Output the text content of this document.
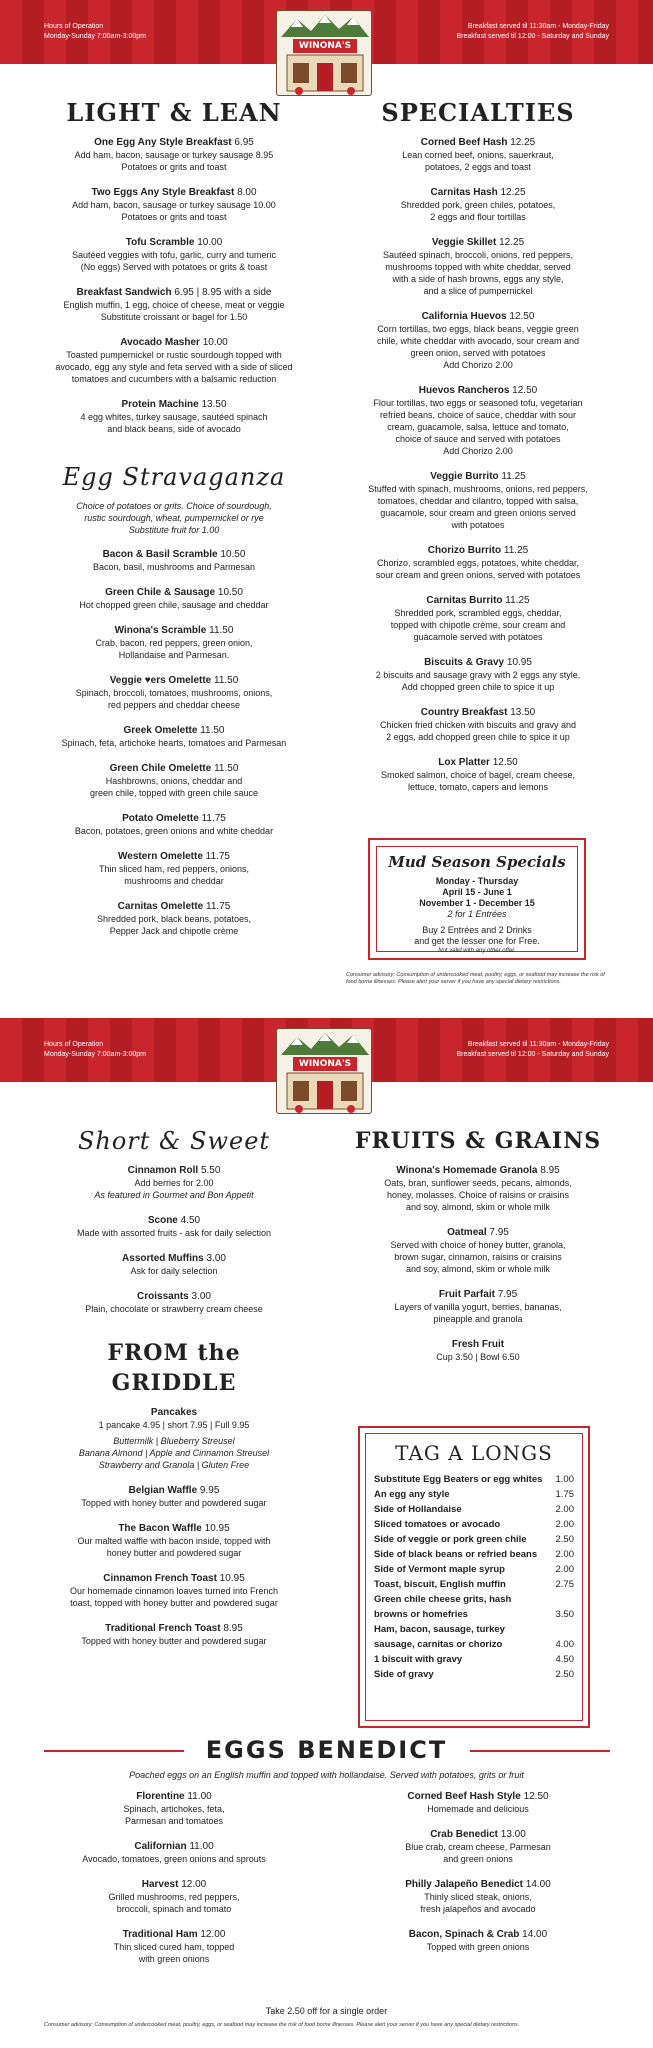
Hours of Operation
Monday-Sunday 7:00am-3:00pm
Breakfast served til 11:30am - Monday-Friday
Breakfast served til 12:00 - Saturday and Sunday
WINONA'S
LIGHT & LEAN
One Egg Any Style Breakfast 6.95
Add ham, bacon, sausage or turkey sausage 8.95
Potatoes or grits and toast
Two Eggs Any Style Breakfast 8.00
Add ham, bacon, sausage or turkey sausage 10.00
Potatoes or grits and toast
Tofu Scramble 10.00
Sautéed veggies with tofu, garlic, curry and tumeric
(No eggs) Served with potatoes or grits & toast
Breakfast Sandwich 6.95 | 8.95 with a side
English muffin, 1 egg, choice of cheese, meat or veggie
Substitute croissant or bagel for 1.50
Avocado Masher 10.00
Toasted pumpernickel or rustic sourdough topped with
avocado, egg any style and feta served with a side of sliced
tomatoes and cucumbers with a balsamic reduction
Protein Machine 13.50
4 egg whites, turkey sausage, sautéed spinach
and black beans, side of avocado
Egg Stravaganza
Choice of potatoes or grits. Choice of sourdough,
rustic sourdough, wheat, pumpernickel or rye
Substitute fruit for 1.00
Bacon & Basil Scramble 10.50
Bacon, basil, mushrooms and Parmesan
Green Chile & Sausage 10.50
Hot chopped green chile, sausage and cheddar
Winona's Scramble 11.50
Crab, bacon, red peppers, green onion,
Hollandaise and Parmesan.
Veggie ♥ers Omelette 11.50
Spinach, broccoli, tomatoes, mushrooms, onions,
red peppers and cheddar cheese
Greek Omelette 11.50
Spinach, feta, artichoke hearts, tomatoes and Parmesan
Green Chile Omelette 11.50
Hashbrowns, onions, cheddar and
green chile, topped with green chile sauce
Potato Omelette 11.75
Bacon, potatoes, green onions and white cheddar
Western Omelette 11.75
Thin sliced ham, red peppers, onions,
mushrooms and cheddar
Carnitas Omelette 11.75
Shredded pork, black beans, potatoes,
Pepper Jack and chipotle crème
SPECIALTIES
Corned Beef Hash 12.25
Lean corned beef, onions, sauerkraut,
potatoes, 2 eggs and toast
Carnitas Hash 12.25
Shredded pork, green chiles, potatoes,
2 eggs and flour tortillas
Veggie Skillet 12.25
Sautéed spinach, broccoli, onions, red peppers,
mushrooms topped with white cheddar, served
with a side of hash browns, eggs any style,
and a slice of pumpernickel
California Huevos 12.50
Corn tortillas, two eggs, black beans, veggie green
chile, white cheddar with avocado, sour cream and
green onion, served with potatoes
Add Chorizo 2.00
Huevos Rancheros 12.50
Flour tortillas, two eggs or seasoned tofu, vegetarian
refried beans, choice of sauce, cheddar with sour
cream, guacamole, salsa, lettuce and tomato,
choice of sauce and served with potatoes
Add Chorizo 2.00
Veggie Burrito 11.25
Stuffed with spinach, mushrooms, onions, red peppers,
tomatoes, cheddar and cilantro, topped with salsa,
guacamole, sour cream and green onions served
with potatoes
Chorizo Burrito 11.25
Chorizo, scrambled eggs, potatoes, white cheddar,
sour cream and green onions, served with potatoes
Carnitas Burrito 11.25
Shredded pork, scrambled eggs, cheddar,
topped with chipotle crème, sour cream and
guacamole served with potatoes
Biscuits & Gravy 10.95
2 biscuits and sausage gravy with 2 eggs any style.
Add chopped green chile to spice it up
Country Breakfast 13.50
Chicken fried chicken with biscuits and gravy and
2 eggs, add chopped green chile to spice it up
Lox Platter 12.50
Smoked salmon, choice of bagel, cream cheese,
lettuce, tomato, capers and lemons
Mud Season Specials
Monday - Thursday
April 15 - June 1
November 1 - December 15
2 for 1 Entrées
Buy 2 Entrées and 2 Drinks
and get the lesser one for Free.
Not valid with any other offer.
Consumer advisory: Consumption of undercooked meat, poultry, eggs, or seafood may increase the risk of food borne illnesses. Please alert your server if you have any special dietary restrictions.
Hours of Operation
Monday-Sunday 7:00am-3:00pm
Breakfast served til 11:30am - Monday-Friday
Breakfast served til 12:00 - Saturday and Sunday
WINONA'S
Short & Sweet
Cinnamon Roll 5.50
Add berries for 2.00
As featured in Gourmet and Bon Appetit
Scone 4.50
Made with assorted fruits - ask for daily selection
Assorted Muffins 3.00
Ask for daily selection
Croissants 3.00
Plain, chocolate or strawberry cream cheese
FROM the GRIDDLE
Pancakes
1 pancake 4.95 | short 7.95 | Full 9.95
Buttermilk | Blueberry Streusel
Banana Almond | Apple and Cinnamon Streusel
Strawberry and Granola | Gluten Free
Belgian Waffle 9.95
Topped with honey butter and powdered sugar
The Bacon Waffle 10.95
Our malted waffle with bacon inside, topped with
honey butter and powdered sugar
Cinnamon French Toast 10.95
Our homemade cinnamon loaves turned into French
toast, topped with honey butter and powdered sugar
Traditional French Toast 8.95
Topped with honey butter and powdered sugar
FRUITS & GRAINS
Winona's Homemade Granola 8.95
Oats, bran, sunflower seeds, pecans, almonds,
honey, molasses. Choice of raisins or craisins
and soy, almond, skim or whole milk
Oatmeal 7.95
Served with choice of honey butter, granola,
brown sugar, cinnamon, raisins or craisins
and soy, almond, skim or whole milk
Fruit Parfait 7.95
Layers of vanilla yogurt, berries, bananas,
pineapple and granola
Fresh Fruit
Cup 3.50 | Bowl 6.50
TAG A LONGS
Substitute Egg Beaters or egg whites 1.00
An egg any style	1.75
Side of Hollandaise	2.00
Sliced tomatoes or avocado	2.00
Side of veggie or pork green chile	2.50
Side of black beans or refried beans 2.00
Side of Vermont maple syrup	2.00
Toast, biscuit, English muffin	2.75
Green chile cheese grits, hash
browns or homefries	3.50
Ham, bacon, sausage, turkey
sausage, carnitas or chorizo	4.00
1 biscuit with gravy	4.50
Side of gravy	2.50
EGGS BENEDICT
Poached eggs on an English muffin and topped with hollandaise. Served with potatoes, grits or fruit
Florentine 11.00
Spinach, artichokes, feta,
Parmesan and tomatoes
Californian 11.00
Avocado, tomatoes, green onions and sprouts
Harvest 12.00
Grilled mushrooms, red peppers,
broccoli, spinach and tomato
Traditional Ham 12.00
Thin sliced cured ham, topped
with green onions
Corned Beef Hash Style 12.50
Homemade and delicious
Crab Benedict 13.00
Blue crab, cream cheese, Parmesan
and green onions
Philly Jalapeño Benedict 14.00
Thinly sliced steak, onions,
fresh jalapeños and avocado
Bacon, Spinach & Crab 14.00
Topped with green onions
Take 2.50 off for a single order
Consumer advisory: Consumption of undercooked meat, poultry, eggs, or seafood may increase the risk of food borne illnesses. Please alert your server if you have any special dietary restrictions.
